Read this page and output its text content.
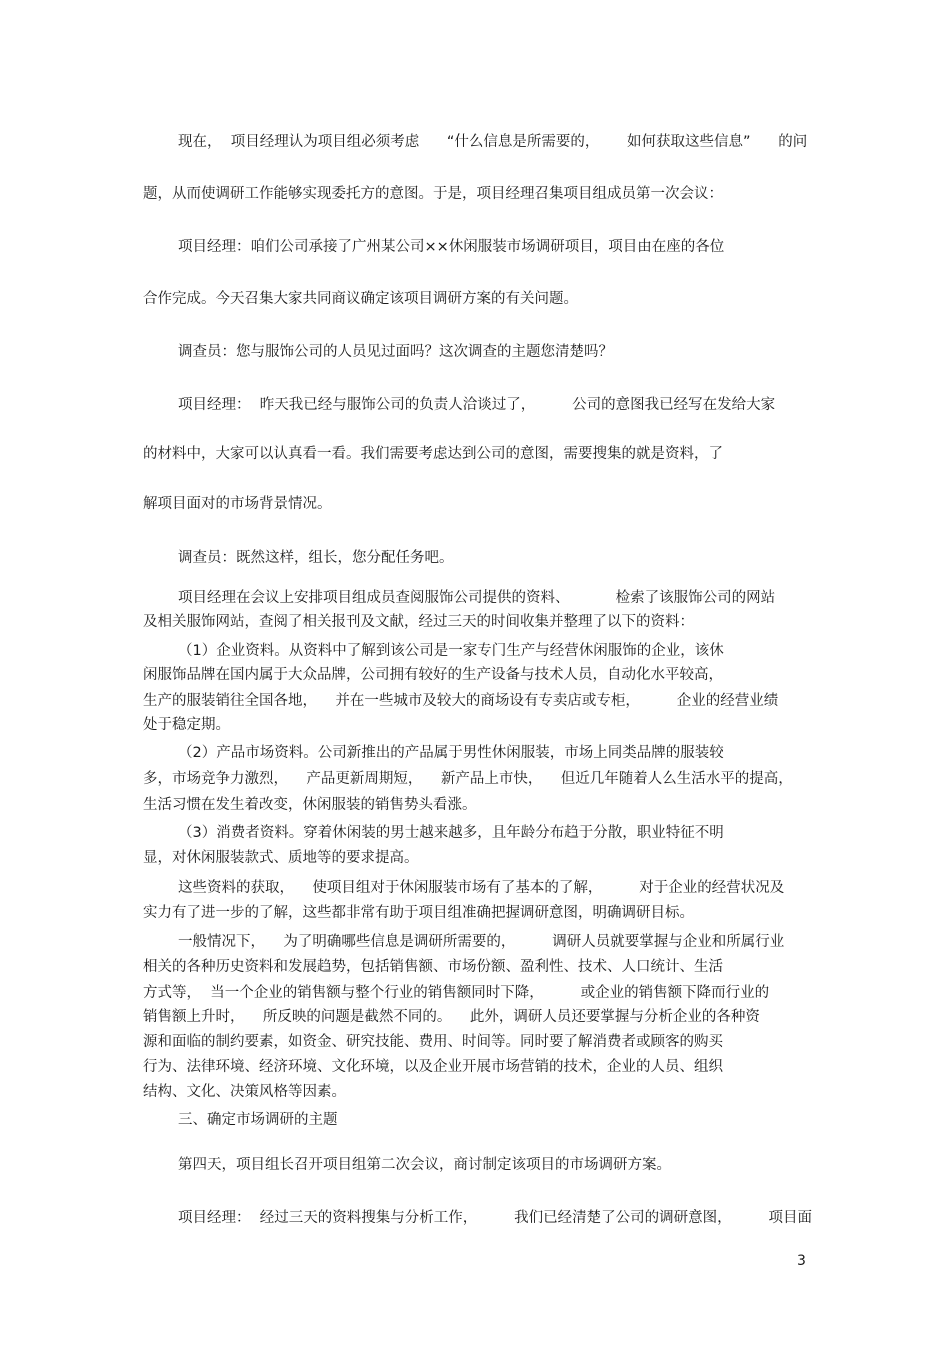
现在，  项目经理认为项目组必须考虑      “什么信息是所需要的，      如何获取这些信息”      的问
题，从而使调研工作能够实现委托方的意图。于是，项目经理召集项目组成员第一次会议：
项目经理：咱们公司承接了广州某公司××休闲服装市场调研项目，项目由在座的各位
合作完成。今天召集大家共同商议确定该项目调研方案的有关问题。
调查员：您与服饰公司的人员见过面吗？这次调查的主题您清楚吗？
项目经理：  昨天我已经与服饰公司的负责人洽谈过了，        公司的意图我已经写在发给大家
的材料中，大家可以认真看一看。我们需要考虑达到公司的意图，需要搜集的就是资料，了
解项目面对的市场背景情况。
调查员：既然这样，组长，您分配任务吧。
项目经理在会议上安排项目组成员查阅服饰公司提供的资料、          检索了该服饰公司的网站
及相关服饰网站，查阅了相关报刊及文献，经过三天的时间收集并整理了以下的资料：
（1）企业资料。从资料中了解到该公司是一家专门生产与经营休闲服饰的企业，该休
闲服饰品牌在国内属于大众品牌，公司拥有较好的生产设备与技术人员，自动化水平较高，
生产的服装销往全国各地，    并在一些城市及较大的商场设有专卖店或专柜，        企业的经营业绩
处于稳定期。
（2）产品市场资料。公司新推出的产品属于男性休闲服装，市场上同类品牌的服装较
多，市场竞争力激烈，    产品更新周期短，    新产品上市快，    但近几年随着人么生活水平的提高，
生活习惯在发生着改变，休闲服装的销售势头看涨。
（3）消费者资料。穿着休闲装的男士越来越多，且年龄分布趋于分散，职业特征不明
显，对休闲服装款式、质地等的要求提高。
这些资料的获取，    使项目组对于休闲服装市场有了基本的了解，        对于企业的经营状况及
实力有了进一步的了解，这些都非常有助于项目组准确把握调研意图，明确调研目标。
一般情况下，    为了明确哪些信息是调研所需要的，        调研人员就要掌握与企业和所属行业
相关的各种历史资料和发展趋势，包括销售额、市场份额、盈利性、技术、人口统计、生活
方式等，  当一个企业的销售额与整个行业的销售额同时下降，        或企业的销售额下降而行业的
销售额上升时，    所反映的问题是截然不同的。    此外，调研人员还要掌握与分析企业的各种资
源和面临的制约要素，如资金、研究技能、费用、时间等。同时要了解消费者或顾客的购买
行为、法律环境、经济环境、文化环境，以及企业开展市场营销的技术，企业的人员、组织
结构、文化、决策风格等因素。
三、确定市场调研的主题
第四天，项目组长召开项目组第二次会议，商讨制定该项目的市场调研方案。
项目经理：  经过三天的资料搜集与分析工作，        我们已经清楚了公司的调研意图，        项目面
3
